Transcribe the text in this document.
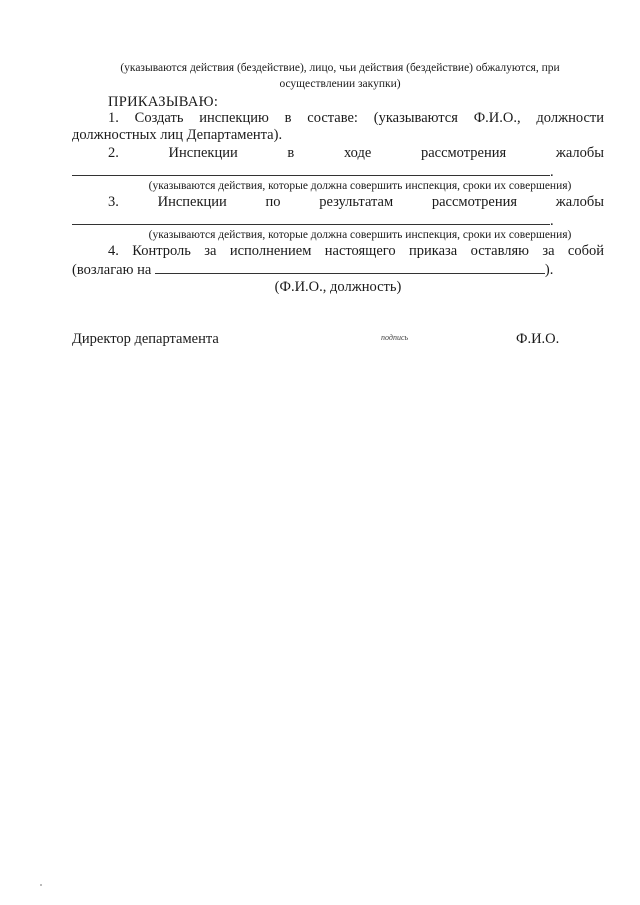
(указываются действия (бездействие), лицо, чьи действия (бездействие) обжалуются, при
осуществлении закупки)
ПРИКАЗЫВАЮ:
1. Создать инспекцию в составе: (указываются Ф.И.О., должности
должностных лиц Департамента).
2.	Инспекции	в	ходе	рассмотрения	жалобы
.
(указываются действия, которые должна совершить инспекция, сроки их совершения)
3.	Инспекции	по	результатам	рассмотрения	жалобы
.
(указываются действия, которые должна совершить инспекция, сроки их совершения)
4. Контроль за исполнением настоящего приказа оставляю за собой
(возлагаю на	).
(Ф.И.О., должность)
Директор департамента	подпись	Ф.И.О.
